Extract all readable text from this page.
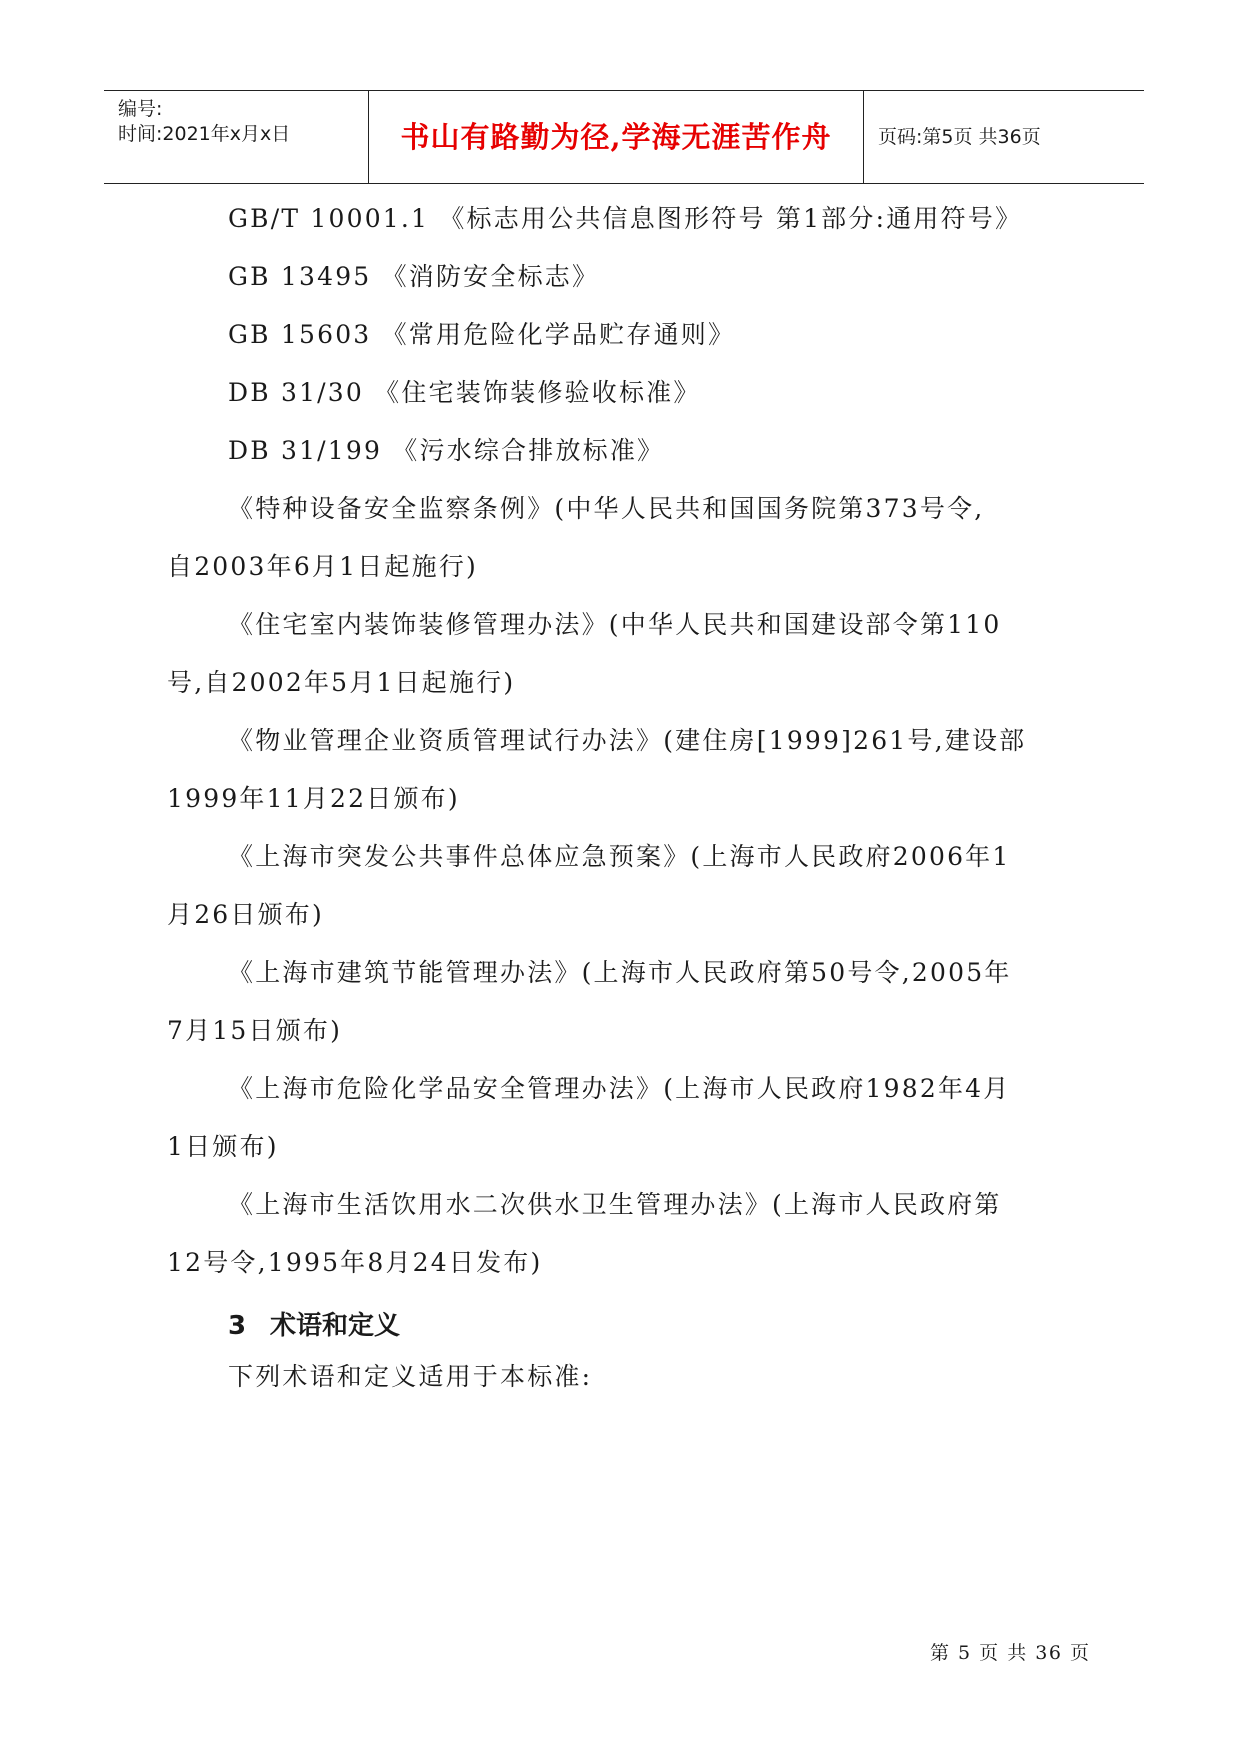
编号:
时间:2021年x月x日	书山有路勤为径,学海无涯苦作舟	页码:第5页 共36页
GB/T 10001.1 《标志用公共信息图形符号 第1部分:通用符号》
GB 13495 《消防安全标志》
GB 15603 《常用危险化学品贮存通则》
DB 31/30 《住宅装饰装修验收标准》
DB 31/199 《污水综合排放标准》
《特种设备安全监察条例》(中华人民共和国国务院第373号令,
自2003年6月1日起施行)
《住宅室内装饰装修管理办法》(中华人民共和国建设部令第110
号,自2002年5月1日起施行)
《物业管理企业资质管理试行办法》(建住房[1999]261号,建设部
1999年11月22日颁布)
《上海市突发公共事件总体应急预案》(上海市人民政府2006年1
月26日颁布)
《上海市建筑节能管理办法》(上海市人民政府第50号令,2005年
7月15日颁布)
《上海市危险化学品安全管理办法》(上海市人民政府1982年4月
1日颁布)
《上海市生活饮用水二次供水卫生管理办法》(上海市人民政府第
12号令,1995年8月24日发布)
3 术语和定义
下列术语和定义适用于本标准:
第 5 页 共 36 页
